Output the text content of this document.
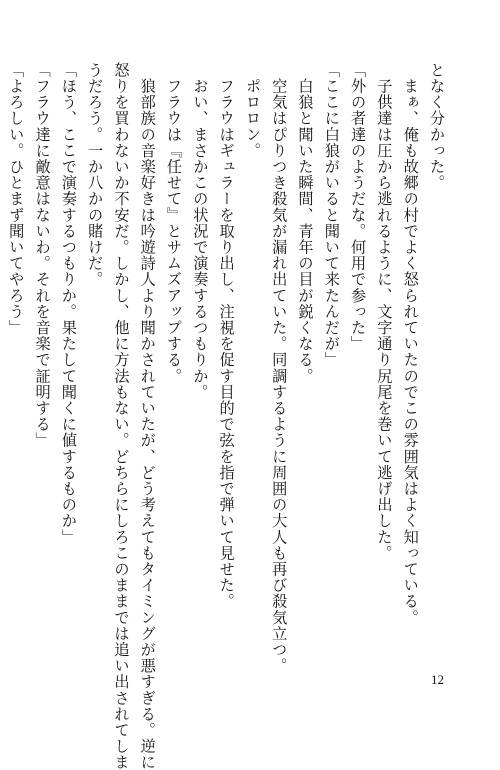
となく分かった。

　まぁ、俺も故郷の村でよく怒られていたのでこの雰囲気はよく知っている。

　子供達は圧から逃れるように、文字通り尻尾を巻いて逃げ出した。

「外の者達のようだな。何用で参った」

「ここに白狼がいると聞いて来たんだが」

　白狼と聞いた瞬間、青年の目が鋭くなる。

　空気はぴりつき殺気が漏れ出ていた。同調するように周囲の大人も再び殺気立つ。

　ポロロン。

　フラウはギュラーを取り出し、注視を促す目的で弦を指で弾いて見せた。

　おい、まさかこの状況で演奏するつもりか。

　フラウは『任せて』とサムズアップする。

　狼部族の音楽好きは吟遊詩人より聞かされていたが、どう考えてもタイミングが悪すぎる。逆に

怒りを買わないか不安だ。しかし、他に方法もない。どちらにしろこのままでは追い出されてしま

うだろう。一か八かの賭けだ。

「ほう、ここで演奏するつもりか。果たして聞くに値するものか」

「フラウ達に敵意はないわ。それを音楽で証明する」

「よろしい。ひとまず聞いてやろう」

12
